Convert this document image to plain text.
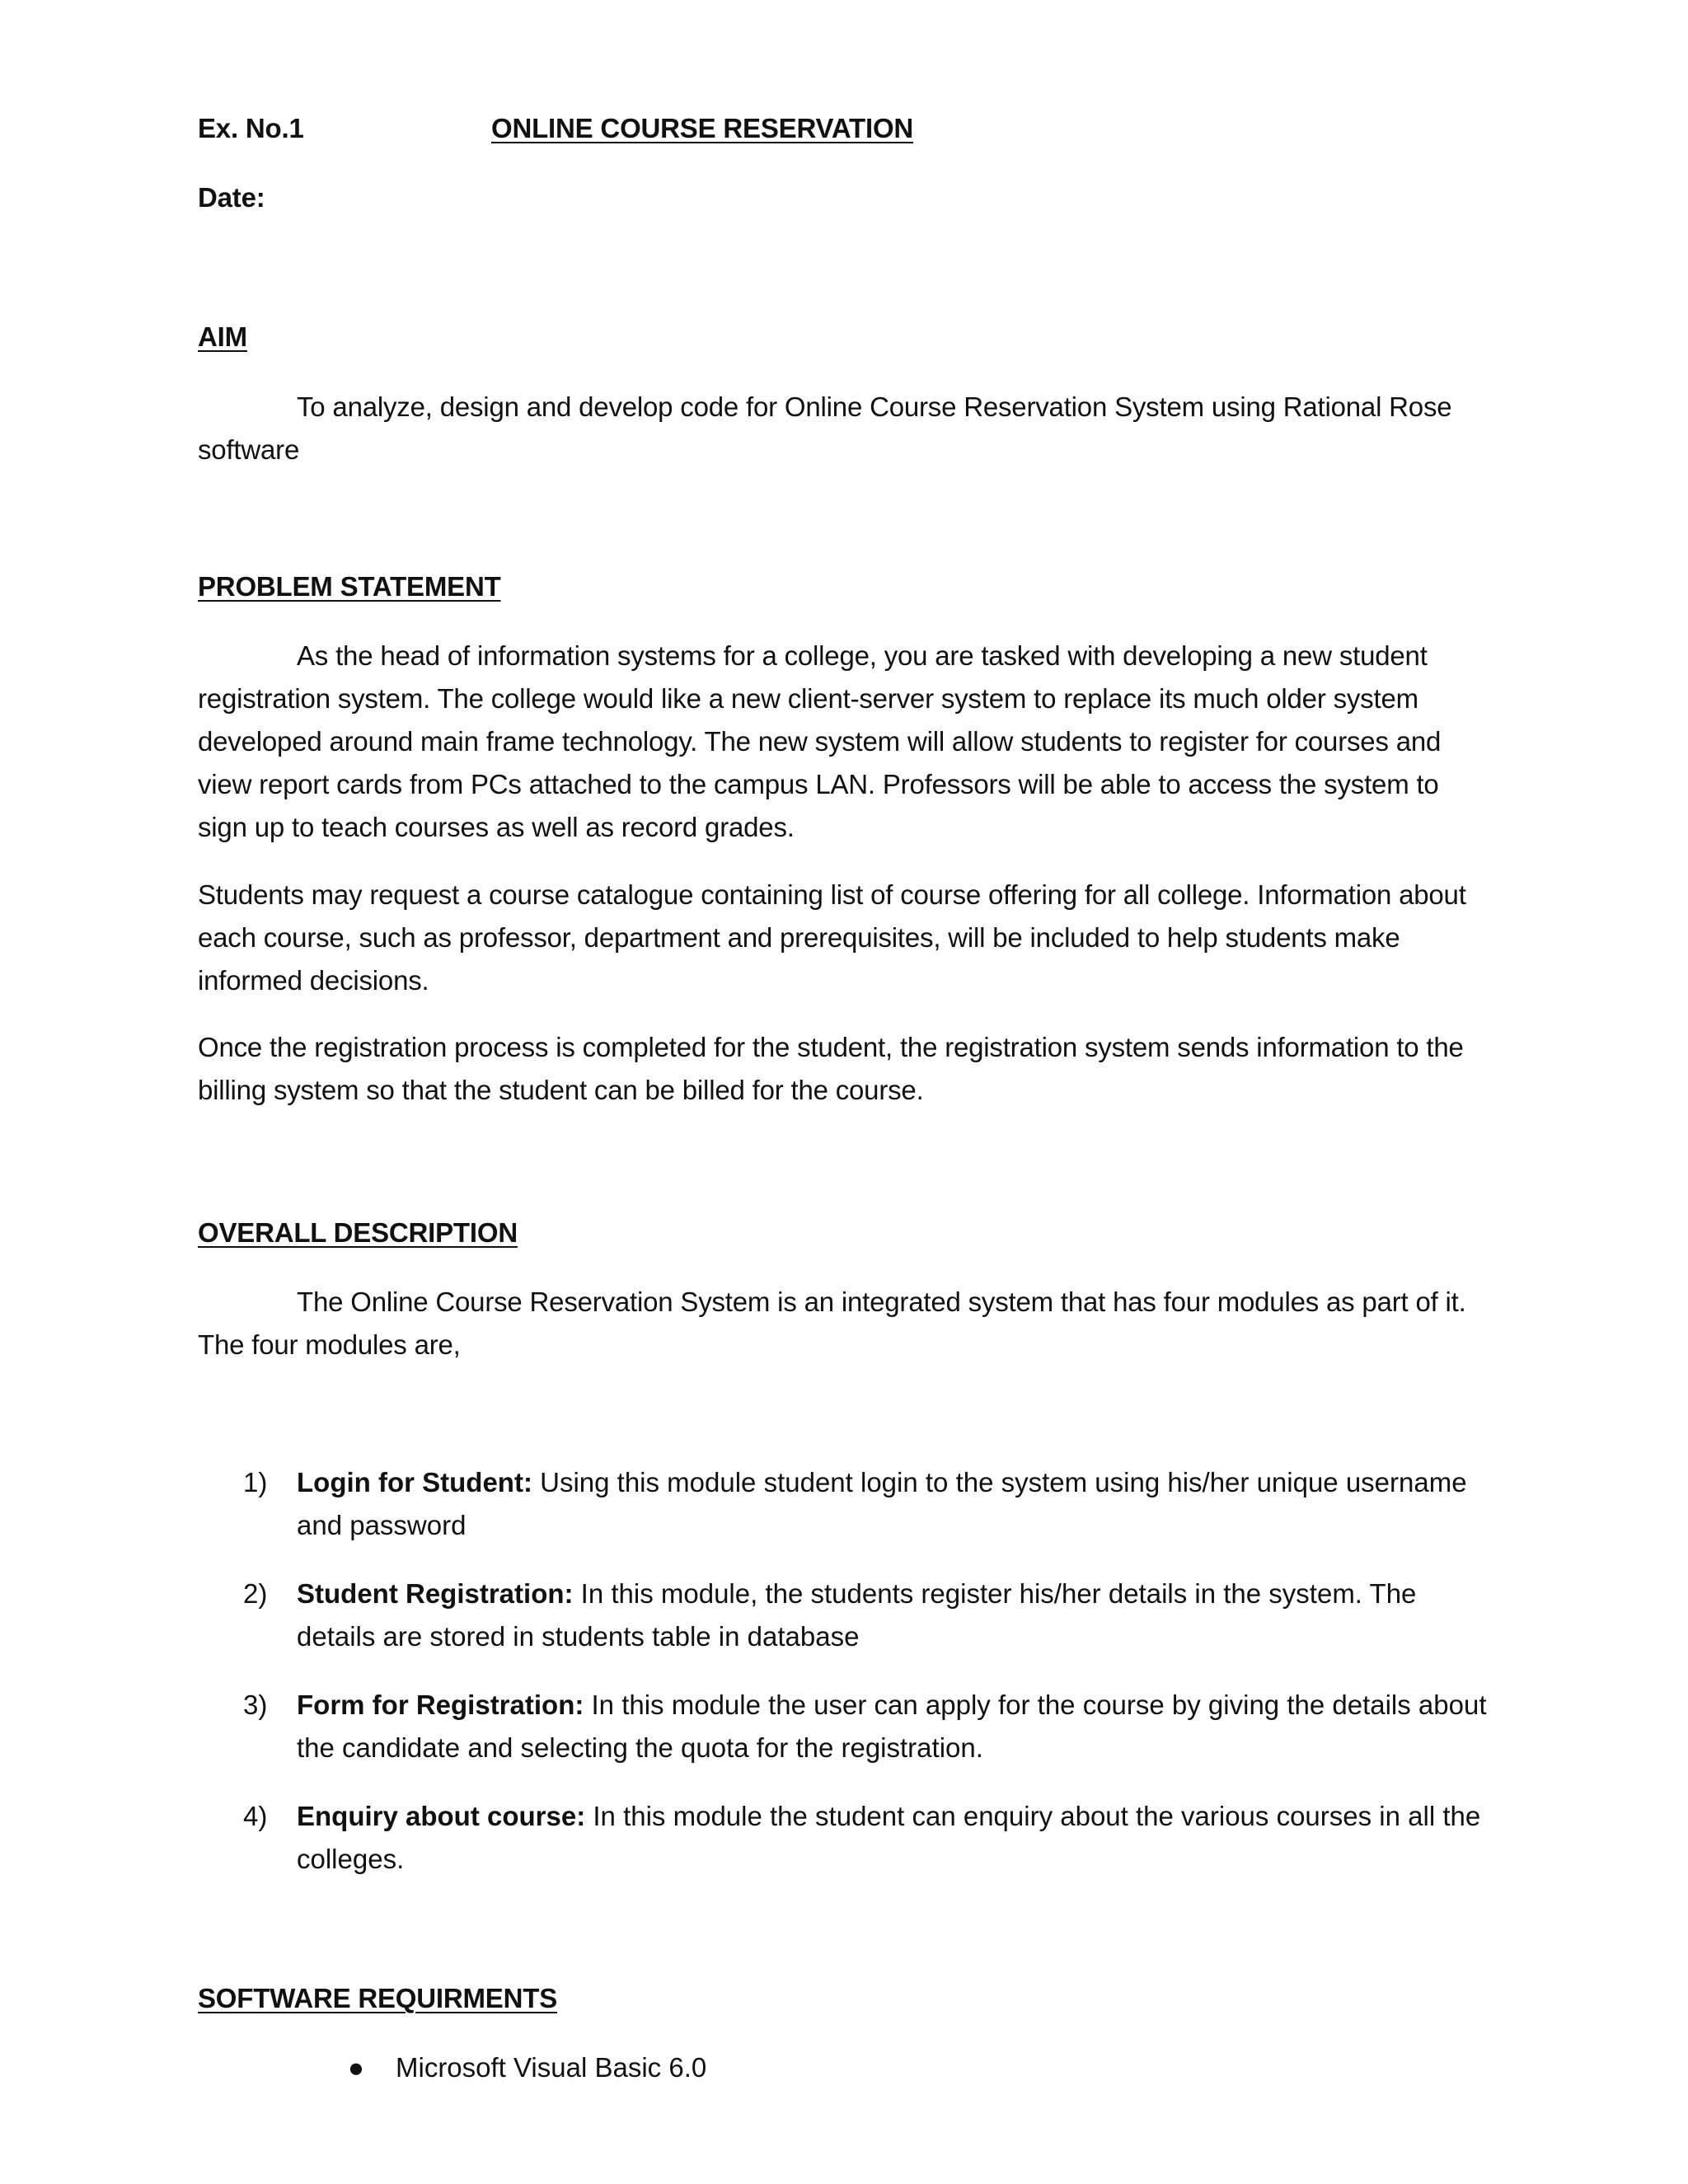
Ex. No.1	ONLINE COURSE RESERVATION
Date:
AIM

To analyze, design and develop code for Online Course Reservation System using Rational Rose software

PROBLEM STATEMENT

As the head of information systems for a college, you are tasked with developing a new student registration system. The college would like a new client-server system to replace its much older system developed around main frame technology. The new system will allow students to register for courses and view report cards from PCs attached to the campus LAN. Professors will be able to access the system to sign up to teach courses as well as record grades.

Students may request a course catalogue containing list of course offering for all college. Information about each course, such as professor, department and prerequisites, will be included to help students make informed decisions.

Once the registration process is completed for the student, the registration system sends information to the billing system so that the student can be billed for the course.

OVERALL DESCRIPTION

The Online Course Reservation System is an integrated system that has four modules as part of it. The four modules are,

1)	Login for Student: Using this module student login to the system using his/her unique username and password
2)	Student Registration: In this module, the students register his/her details in the system. The details are stored in students table in database
3)	Form for Registration: In this module the user can apply for the course by giving the details about the candidate and selecting the quota for the registration.
4)	Enquiry about course: In this module the student can enquiry about the various courses in all the colleges.
SOFTWARE REQUIRMENTS
● Microsoft Visual Basic 6.0
